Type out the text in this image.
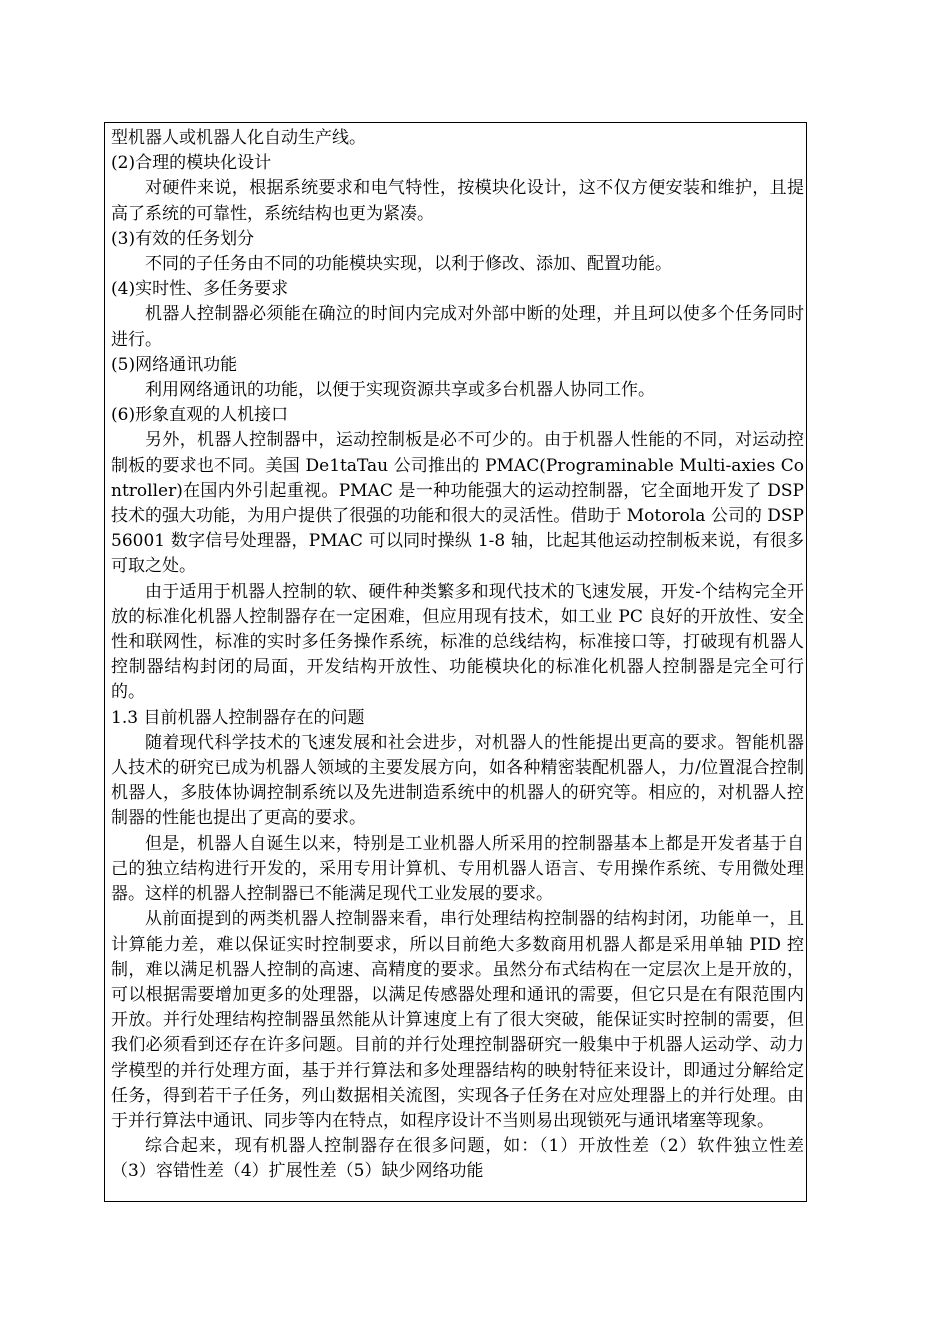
型机器人或机器人化自动生产线。

(2)合理的模块化设计

对硬件来说，根据系统要求和电气特性，按模块化设计，这不仅方便安装和维护，且提高了系统的可靠性，系统结构也更为紧凑。

(3)有效的任务划分

不同的子任务由不同的功能模块实现，以利于修改、添加、配置功能。

(4)实时性、多任务要求

机器人控制器必须能在确泣的时间内完成对外部中断的处理，并且珂以使多个任务同时进行。

(5)网络通讯功能

利用网络通讯的功能，以便于实现资源共享或多台机器人协同工作。

(6)形象直观的人机接口

另外，机器人控制器中，运动控制板是必不可少的。由于机器人性能的不同，对运动控制板的要求也不同。美国 De1taTau 公司推出的 PMAC(Programinable Multi-axies Controller)在国内外引起重视。PMAC 是一种功能强大的运动控制器，它全面地开发了 DSP 技术的强大功能，为用户提供了很强的功能和很大的灵活性。借助于 Motorola 公司的 DSP56001 数字信号处理器，PMAC 可以同时操纵 1-8 轴，比起其他运动控制板来说，有很多可取之处。

由于适用于机器人控制的软、硬件种类繁多和现代技术的飞速发展，开发-个结构完全开放的标准化机器人控制器存在一定困难，但应用现有技术，如工业 PC 良好的开放性、安全性和联网性，标准的实时多任务操作系统，标准的总线结构，标准接口等，打破现有机器人控制器结构封闭的局面，开发结构开放性、功能模块化的标准化机器人控制器是完全可行的。

1.3 目前机器人控制器存在的问题

随着现代科学技术的飞速发展和社会进步，对机器人的性能提出更高的要求。智能机器人技术的研究已成为机器人领域的主要发展方向，如各种精密装配机器人，力/位置混合控制机器人，多肢体协调控制系统以及先进制造系统中的机器人的研究等。相应的，对机器人控制器的性能也提出了更高的要求。

但是，机器人自诞生以来，特别是工业机器人所采用的控制器基本上都是开发者基于自己的独立结构进行开发的，采用专用计算机、专用机器人语言、专用操作系统、专用微处理器。这样的机器人控制器已不能满足现代工业发展的要求。

从前面提到的两类机器人控制器来看，串行处理结构控制器的结构封闭，功能单一，且计算能力差，难以保证实时控制要求，所以目前绝大多数商用机器人都是采用单轴 PID 控制，难以满足机器人控制的高速、高精度的要求。虽然分布式结构在一定层次上是开放的，可以根据需要增加更多的处理器，以满足传感器处理和通讯的需要，但它只是在有限范围内开放。并行处理结构控制器虽然能从计算速度上有了很大突破，能保证实时控制的需要，但我们必须看到还存在许多问题。目前的并行处理控制器研究一般集中于机器人运动学、动力学模型的并行处理方面，基于并行算法和多处理器结构的映射特征来设计，即通过分解给定任务，得到若干子任务，列山数据相关流图，实现各子任务在对应处理器上的并行处理。由于并行算法中通讯、同步等内在特点，如程序设计不当则易出现锁死与通讯堵塞等现象。

综合起来，现有机器人控制器存在很多问题，如：（1）开放性差（2）软件独立性差（3）容错性差（4）扩展性差（5）缺少网络功能
